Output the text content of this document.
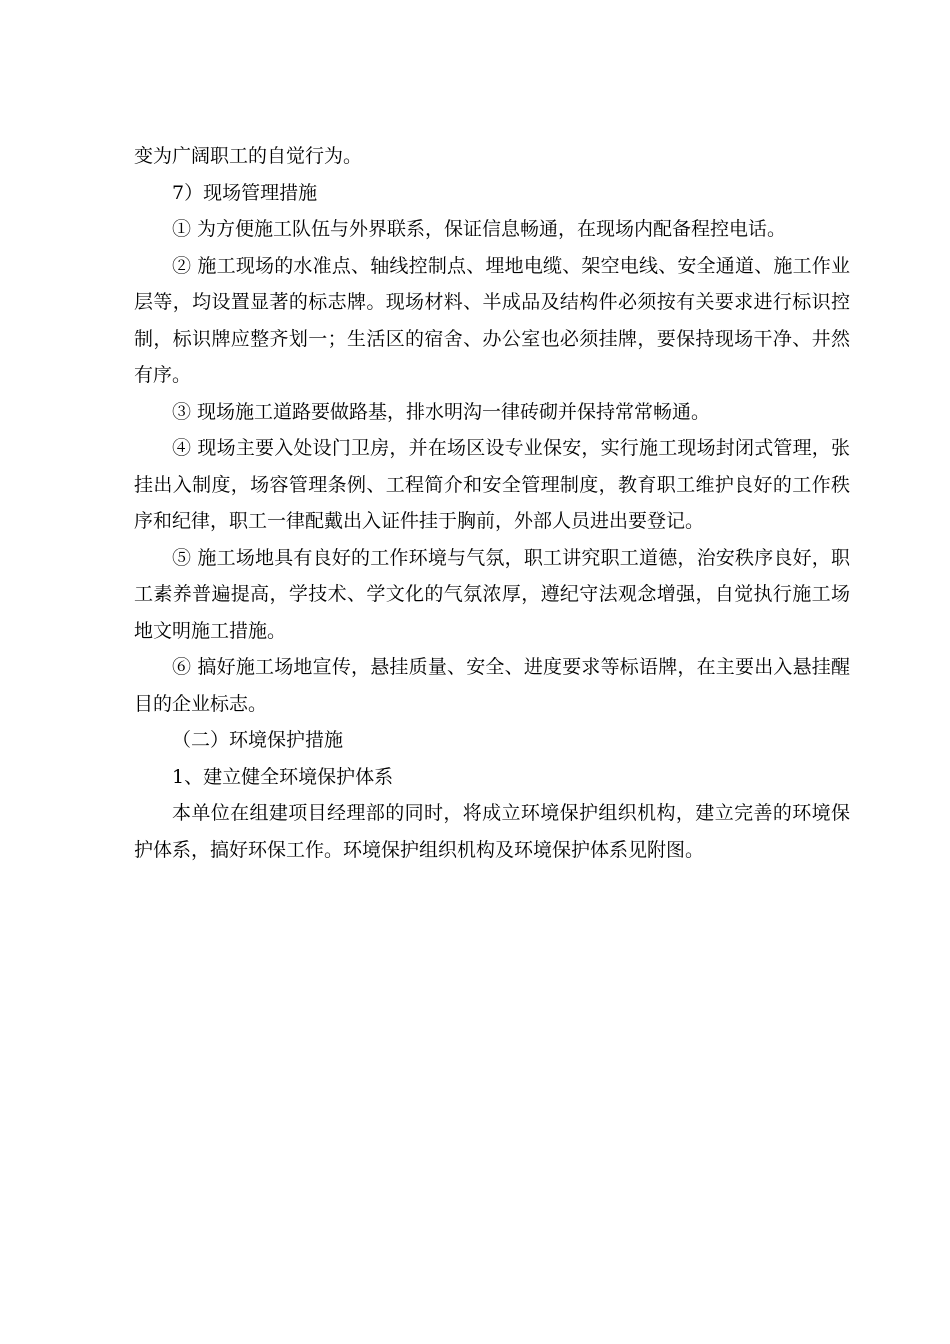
变为广阔职工的自觉行为。

7）现场管理措施

① 为方便施工队伍与外界联系，保证信息畅通，在现场内配备程控电话。

② 施工现场的水准点、轴线控制点、埋地电缆、架空电线、安全通道、施工作业层等，均设置显著的标志牌。现场材料、半成品及结构件必须按有关要求进行标识控制，标识牌应整齐划一；生活区的宿舍、办公室也必须挂牌，要保持现场干净、井然有序。

③ 现场施工道路要做路基，排水明沟一律砖砌并保持常常畅通。

④ 现场主要入处设门卫房，并在场区设专业保安，实行施工现场封闭式管理，张挂出入制度，场容管理条例、工程简介和安全管理制度，教育职工维护良好的工作秩序和纪律，职工一律配戴出入证件挂于胸前，外部人员进出要登记。

⑤ 施工场地具有良好的工作环境与气氛，职工讲究职工道德，治安秩序良好，职工素养普遍提高，学技术、学文化的气氛浓厚，遵纪守法观念增强，自觉执行施工场地文明施工措施。

⑥ 搞好施工场地宣传，悬挂质量、安全、进度要求等标语牌，在主要出入悬挂醒目的企业标志。

（二）环境保护措施

1、建立健全环境保护体系

本单位在组建项目经理部的同时，将成立环境保护组织机构，建立完善的环境保护体系，搞好环保工作。环境保护组织机构及环境保护体系见附图。
